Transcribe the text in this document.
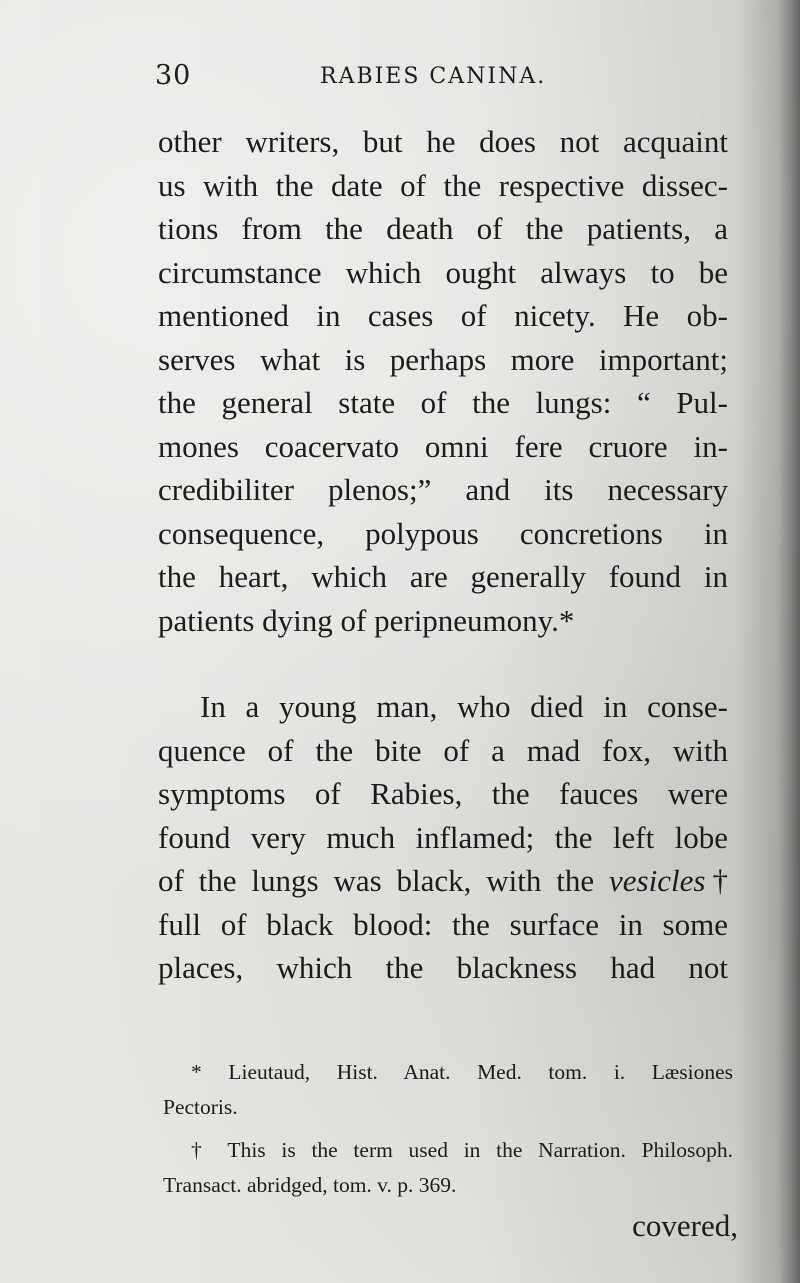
30	RABIES CANINA.
other writers, but he does not acquaint
us with the date of the respective dissec-
tions from the death of the patients, a
circumstance which ought always to be
mentioned in cases of nicety. He ob-
serves what is perhaps more important;
the general state of the lungs: “ Pul-
mones coacervato omni fere cruore in-
credibiliter plenos;” and its necessary
consequence, polypous concretions in
the heart, which are generally found in
patients dying of peripneumony.*
In a young man, who died in conse-
quence of the bite of a mad fox, with
symptoms of Rabies, the fauces were
found very much inflamed; the left lobe
of the lungs was black, with the vesicles†
full of black blood: the surface in some
places, which the blackness had not
* Lieutaud, Hist. Anat. Med. tom. i. Læsiones
Pectoris.
† This is the term used in the Narration. Philosoph.
Transact. abridged, tom. v. p. 369.
covered,
